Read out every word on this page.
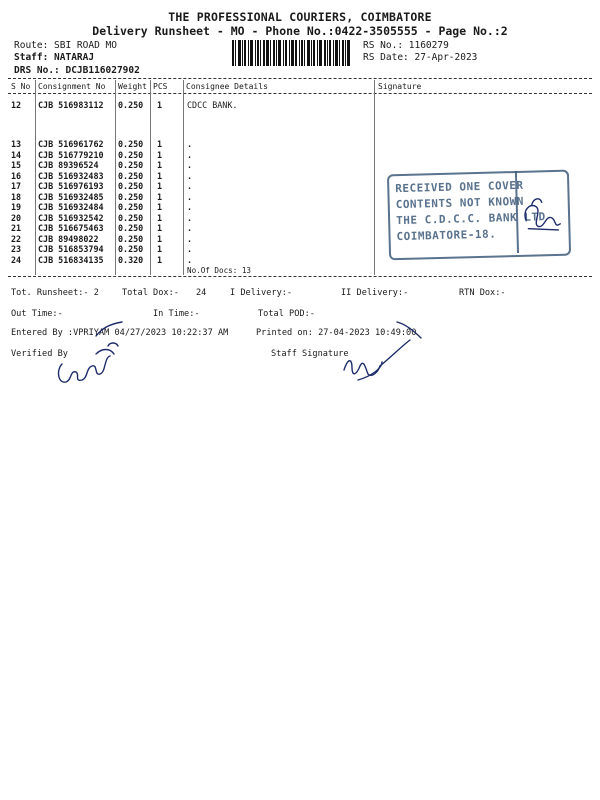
THE PROFESSIONAL COURIERS, COIMBATORE
Delivery Runsheet - MO - Phone No.:0422-3505555 - Page No.:2
Route: SBI ROAD MO
Staff: NATARAJ
DRS No.: DCJB116027902
RS No.: 1160279
RS Date: 27-Apr-2023
S No Consignment No Weight PCS Consignee Details	Signature
12 CJB 516983112 0.250 1	CDCC BANK.
13 CJB 516961762 0.250 1	.
14 CJB 516779210 0.250 1	.
15 CJB 89396524 0.250 1	.
16 CJB 516932483 0.250 1	.
17 CJB 516976193 0.250 1	.
18 CJB 516932485 0.250 1	.
19 CJB 516932484 0.250 1	.
20 CJB 516932542 0.250 1	.
21 CJB 516675463 0.250 1	.
22 CJB 89498022 0.250 1	.
23 CJB 516853794 0.250 1	.
24 CJB 516834135 0.320 1	.
No.Of Docs: 13
RECEIVED ONE COVER
CONTENTS NOT KNOWN
THE C.D.C.C. BANK LTD
COIMBATORE-18.
Tot. Runsheet:- 2	Total Dox:- 24	I Delivery:-	II Delivery:-	RTN Dox:-
Out Time:-	In Time:-	Total POD:-
Entered By :VPRIYAM 04/27/2023 10:22:37 AM	Printed on: 27-04-2023 10:49:00
Verified By	Staff Signature
